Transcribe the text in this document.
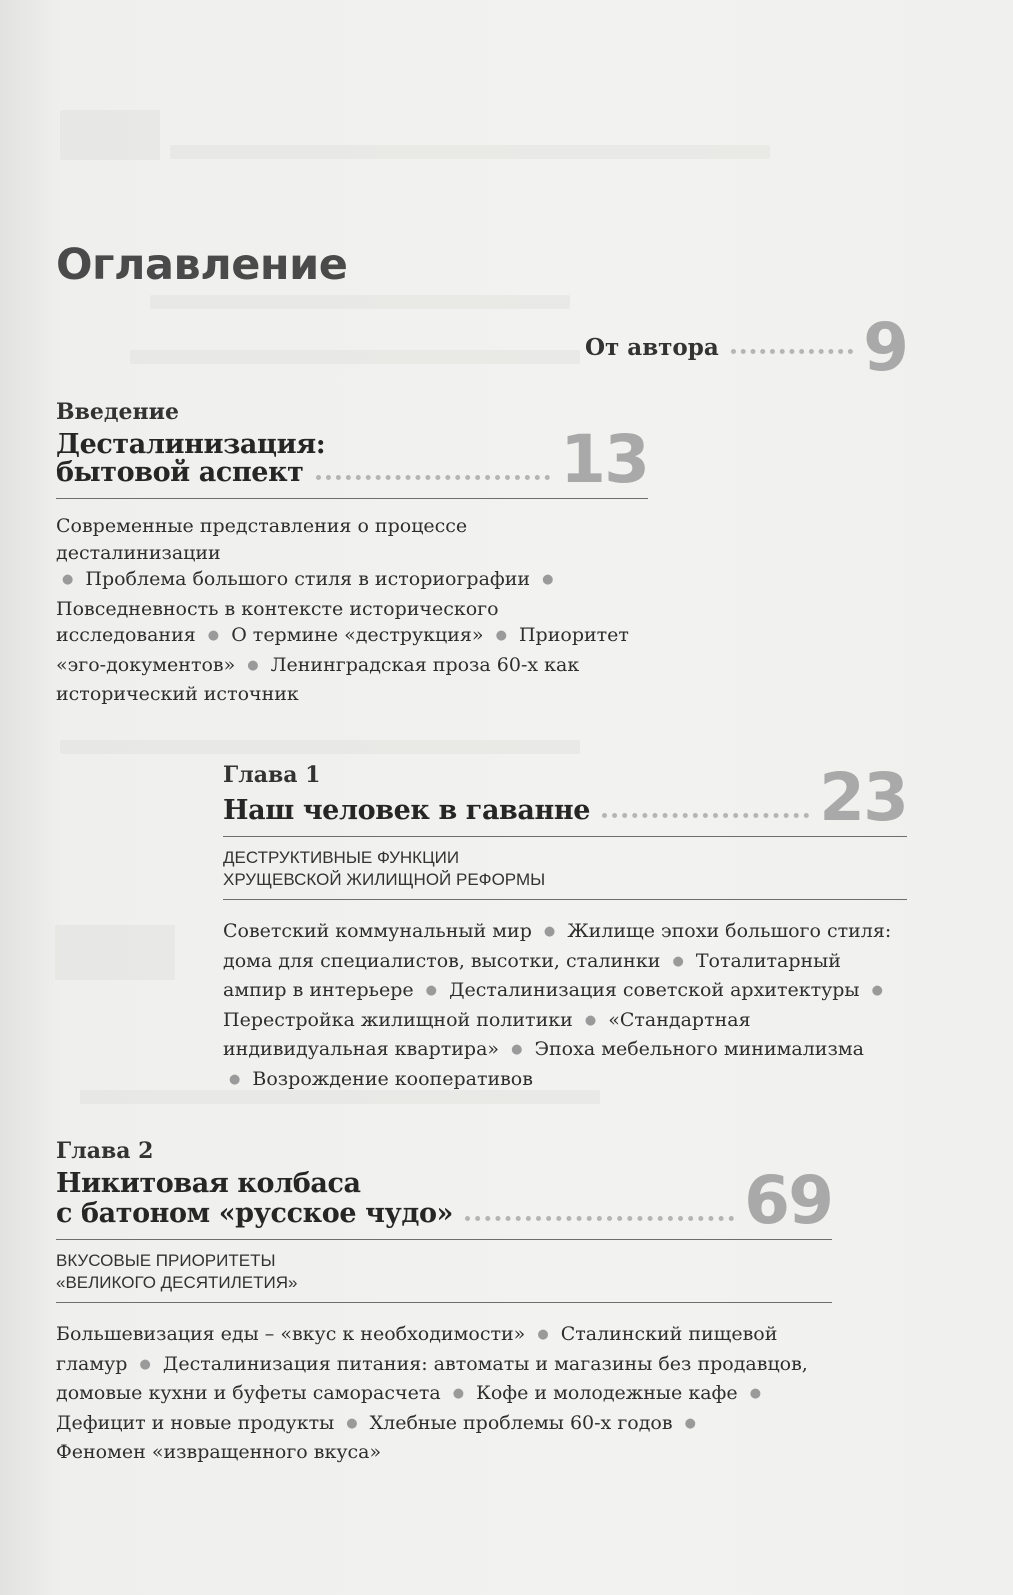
Оглавление
От автора 9

Введение

Десталинизация:

бытовой аспект	13

Современные представления о процессе десталинизации
● Проблема большого стиля в историографии ● Повседневность в контексте исторического исследования ● О термине «деструкция» ● Приоритет «эго-документов» ● Ленинградская проза 60-х как исторический источник

Глава 1

Наш человек в гаванне	23

ДЕСТРУКТИВНЫЕ ФУНКЦИИ
ХРУЩЕВСКОЙ ЖИЛИЩНОЙ РЕФОРМЫ

Советский коммунальный мир ● Жилище эпохи большого стиля: дома для специалистов, высотки, сталинки ● Тоталитарный ампир в интерьере ● Десталинизация советской архитектуры ● Перестройка жилищной политики ● «Стандартная индивидуальная квартира» ● Эпоха мебельного минимализма ● Возрождение кооперативов

Глава 2

Никитовая колбаса

с батоном «русское чудо»	69

ВКУСОВЫЕ ПРИОРИТЕТЫ
«ВЕЛИКОГО ДЕСЯТИЛЕТИЯ»

Большевизация еды – «вкус к необходимости» ● Сталинский пищевой гламур ● Десталинизация питания: автоматы и магазины без продавцов, домовые кухни и буфеты саморасчета ● Кофе и молодежные кафе ● Дефицит и новые продукты ● Хлебные проблемы 60-х годов ●
Феномен «извращенного вкуса»
